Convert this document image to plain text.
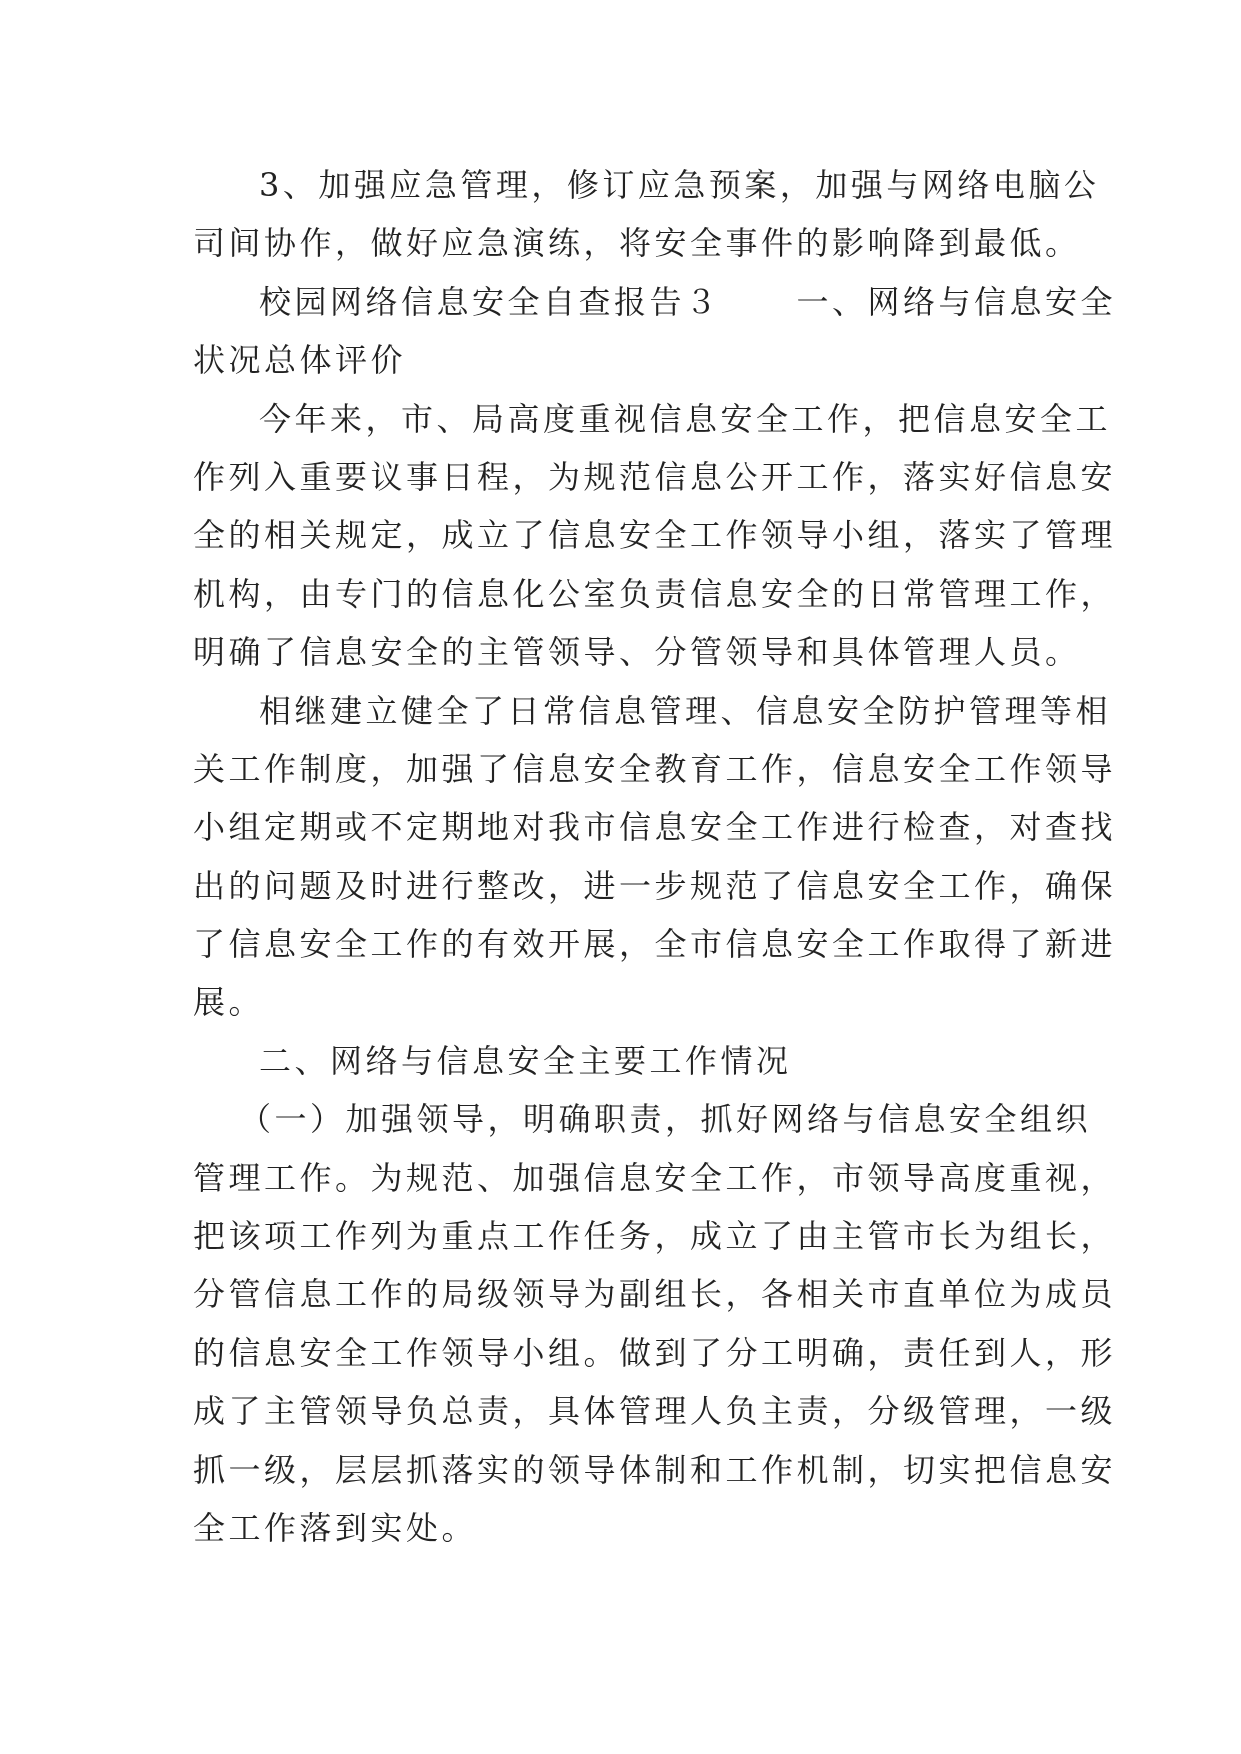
3、加强应急管理，修订应急预案，加强与网络电脑公
司间协作，做好应急演练，将安全事件的影响降到最低。
校园网络信息安全自查报告３ 一、网络与信息安全
状况总体评价
今年来，市、局高度重视信息安全工作，把信息安全工
作列入重要议事日程，为规范信息公开工作，落实好信息安
全的相关规定，成立了信息安全工作领导小组，落实了管理
机构，由专门的信息化公室负责信息安全的日常管理工作，
明确了信息安全的主管领导、分管领导和具体管理人员。
相继建立健全了日常信息管理、信息安全防护管理等相
关工作制度，加强了信息安全教育工作，信息安全工作领导
小组定期或不定期地对我市信息安全工作进行检查，对查找
出的问题及时进行整改，进一步规范了信息安全工作，确保
了信息安全工作的有效开展，全市信息安全工作取得了新进
展。
二、网络与信息安全主要工作情况
（一）加强领导，明确职责，抓好网络与信息安全组织
管理工作。为规范、加强信息安全工作，市领导高度重视，
把该项工作列为重点工作任务，成立了由主管市长为组长，
分管信息工作的局级领导为副组长，各相关市直单位为成员
的信息安全工作领导小组。做到了分工明确，责任到人，形
成了主管领导负总责，具体管理人负主责，分级管理，一级
抓一级，层层抓落实的领导体制和工作机制，切实把信息安
全工作落到实处。
